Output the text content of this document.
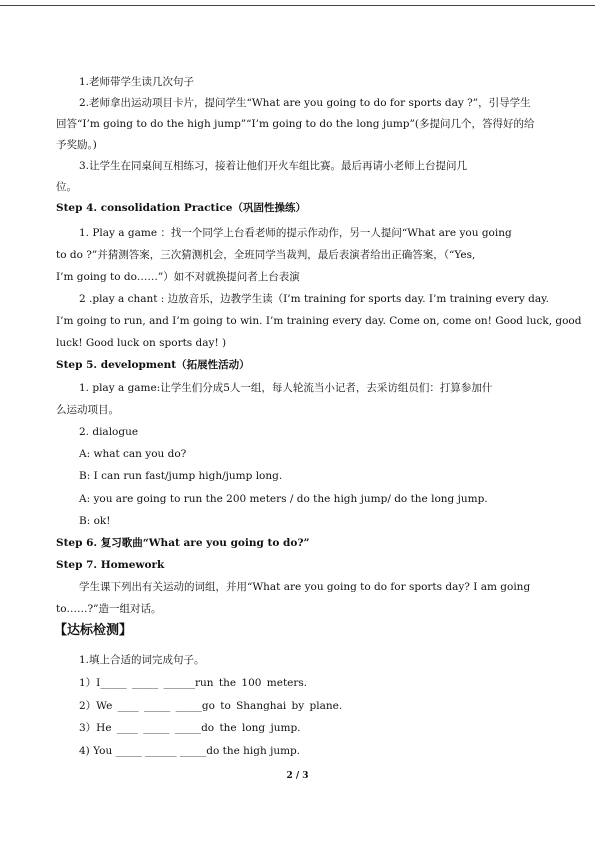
1.老师带学生读几次句子
2.老师拿出运动项目卡片，提问学生“What are you going to do for sports day ?”，引导学生
回答“I’m going to do the high jump”“I’m going to do the long jump”(多提问几个，答得好的给
予奖励。)
3.让学生在同桌间互相练习，接着让他们开火车组比赛。最后再请小老师上台提问几
位。
Step 4. consolidation Practice（巩固性操练）
1. Play a game ：找一个同学上台看老师的提示作动作，另一人提问“What are you going
to do ?”并猜测答案，三次猜测机会，全班同学当裁判，最后表演者给出正确答案，（“Yes,
I’m going to do……”）如不对就换提问者上台表演
2 .play a chant : 边放音乐，边教学生读（I’m training for sports day. I’m training every day.
I’m going to run, and I’m going to win. I’m training every day. Come on, come on! Good luck, good
luck! Good luck on sports day! )
Step 5. development（拓展性活动）
1. play a game:让学生们分成5人一组，每人轮流当小记者，去采访组员们：打算参加什
么运动项目。
2. dialogue
A: what can you do?
B: I can run fast/jump high/jump long.
A: you are going to run the 200 meters / do the high jump/ do the long jump.
B: ok!
Step 6. 复习歌曲“What are you going to do?”
Step 7. Homework
学生课下列出有关运动的词组，并用“What are you going to do for sports day? I am going
to……?”造一组对话。
【达标检测】
1.填上合适的词完成句子。
1）I_____ _____ ______run the 100 meters.
2）We ____ _____ _____go to Shanghai by plane.
3）He ____ _____ _____do the long jump.
4) You _____ ______ _____do the high jump.
2 / 3
